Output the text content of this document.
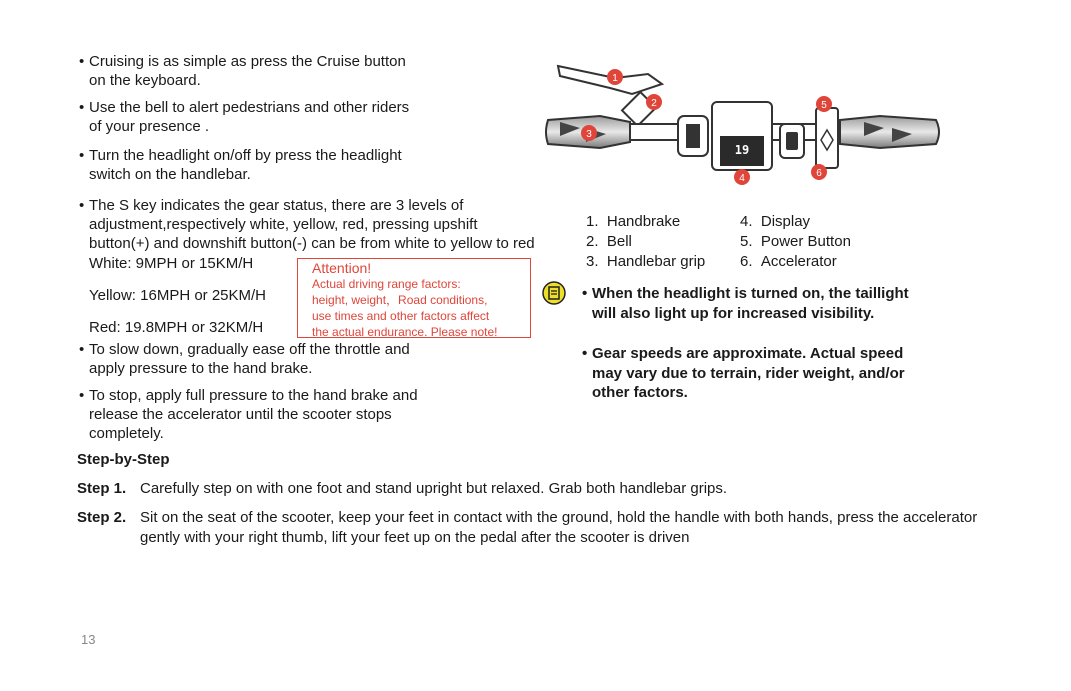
• Cruising is as simple as press the Cruise button
on the keyboard.
• Use the bell to alert pedestrians and other riders
of your presence .
• Turn the headlight on/off by press the headlight
switch on the handlebar.
• The S key indicates the gear status, there are 3 levels of
adjustment,respectively white, yellow, red, pressing upshift
button(+) and downshift button(-) can be from white to yellow to red
White: 9MPH or 15KM/H
Yellow: 16MPH or 25KM/H
Red: 19.8MPH or 32KM/H
Attention!
Actual driving range factors:
height, weight，Road conditions,
use times and other factors affect
the actual endurance. Please note!
• To slow down, gradually ease off the throttle and
apply pressure to the hand brake.
• To stop, apply full pressure to the hand brake and
release the accelerator until the scooter stops
completely.
19
1
2
3
4
5
6
1. Handbrake
2. Bell
3. Handlebar grip
4. Display
5. Power Button
6. Accelerator
• When the headlight is turned on, the taillight
will also light up for increased visibility.
• Gear speeds are approximate. Actual speed
may vary due to terrain, rider weight, and/or
other factors.
Step-by-Step
Step 1. Carefully step on with one foot and stand upright but relaxed. Grab both handlebar grips.
Step 2. Sit on the seat of the scooter, keep your feet in contact with the ground, hold the handle with both hands, press the accelerator
gently with your right thumb, lift your feet up on the pedal after the scooter is driven
13
